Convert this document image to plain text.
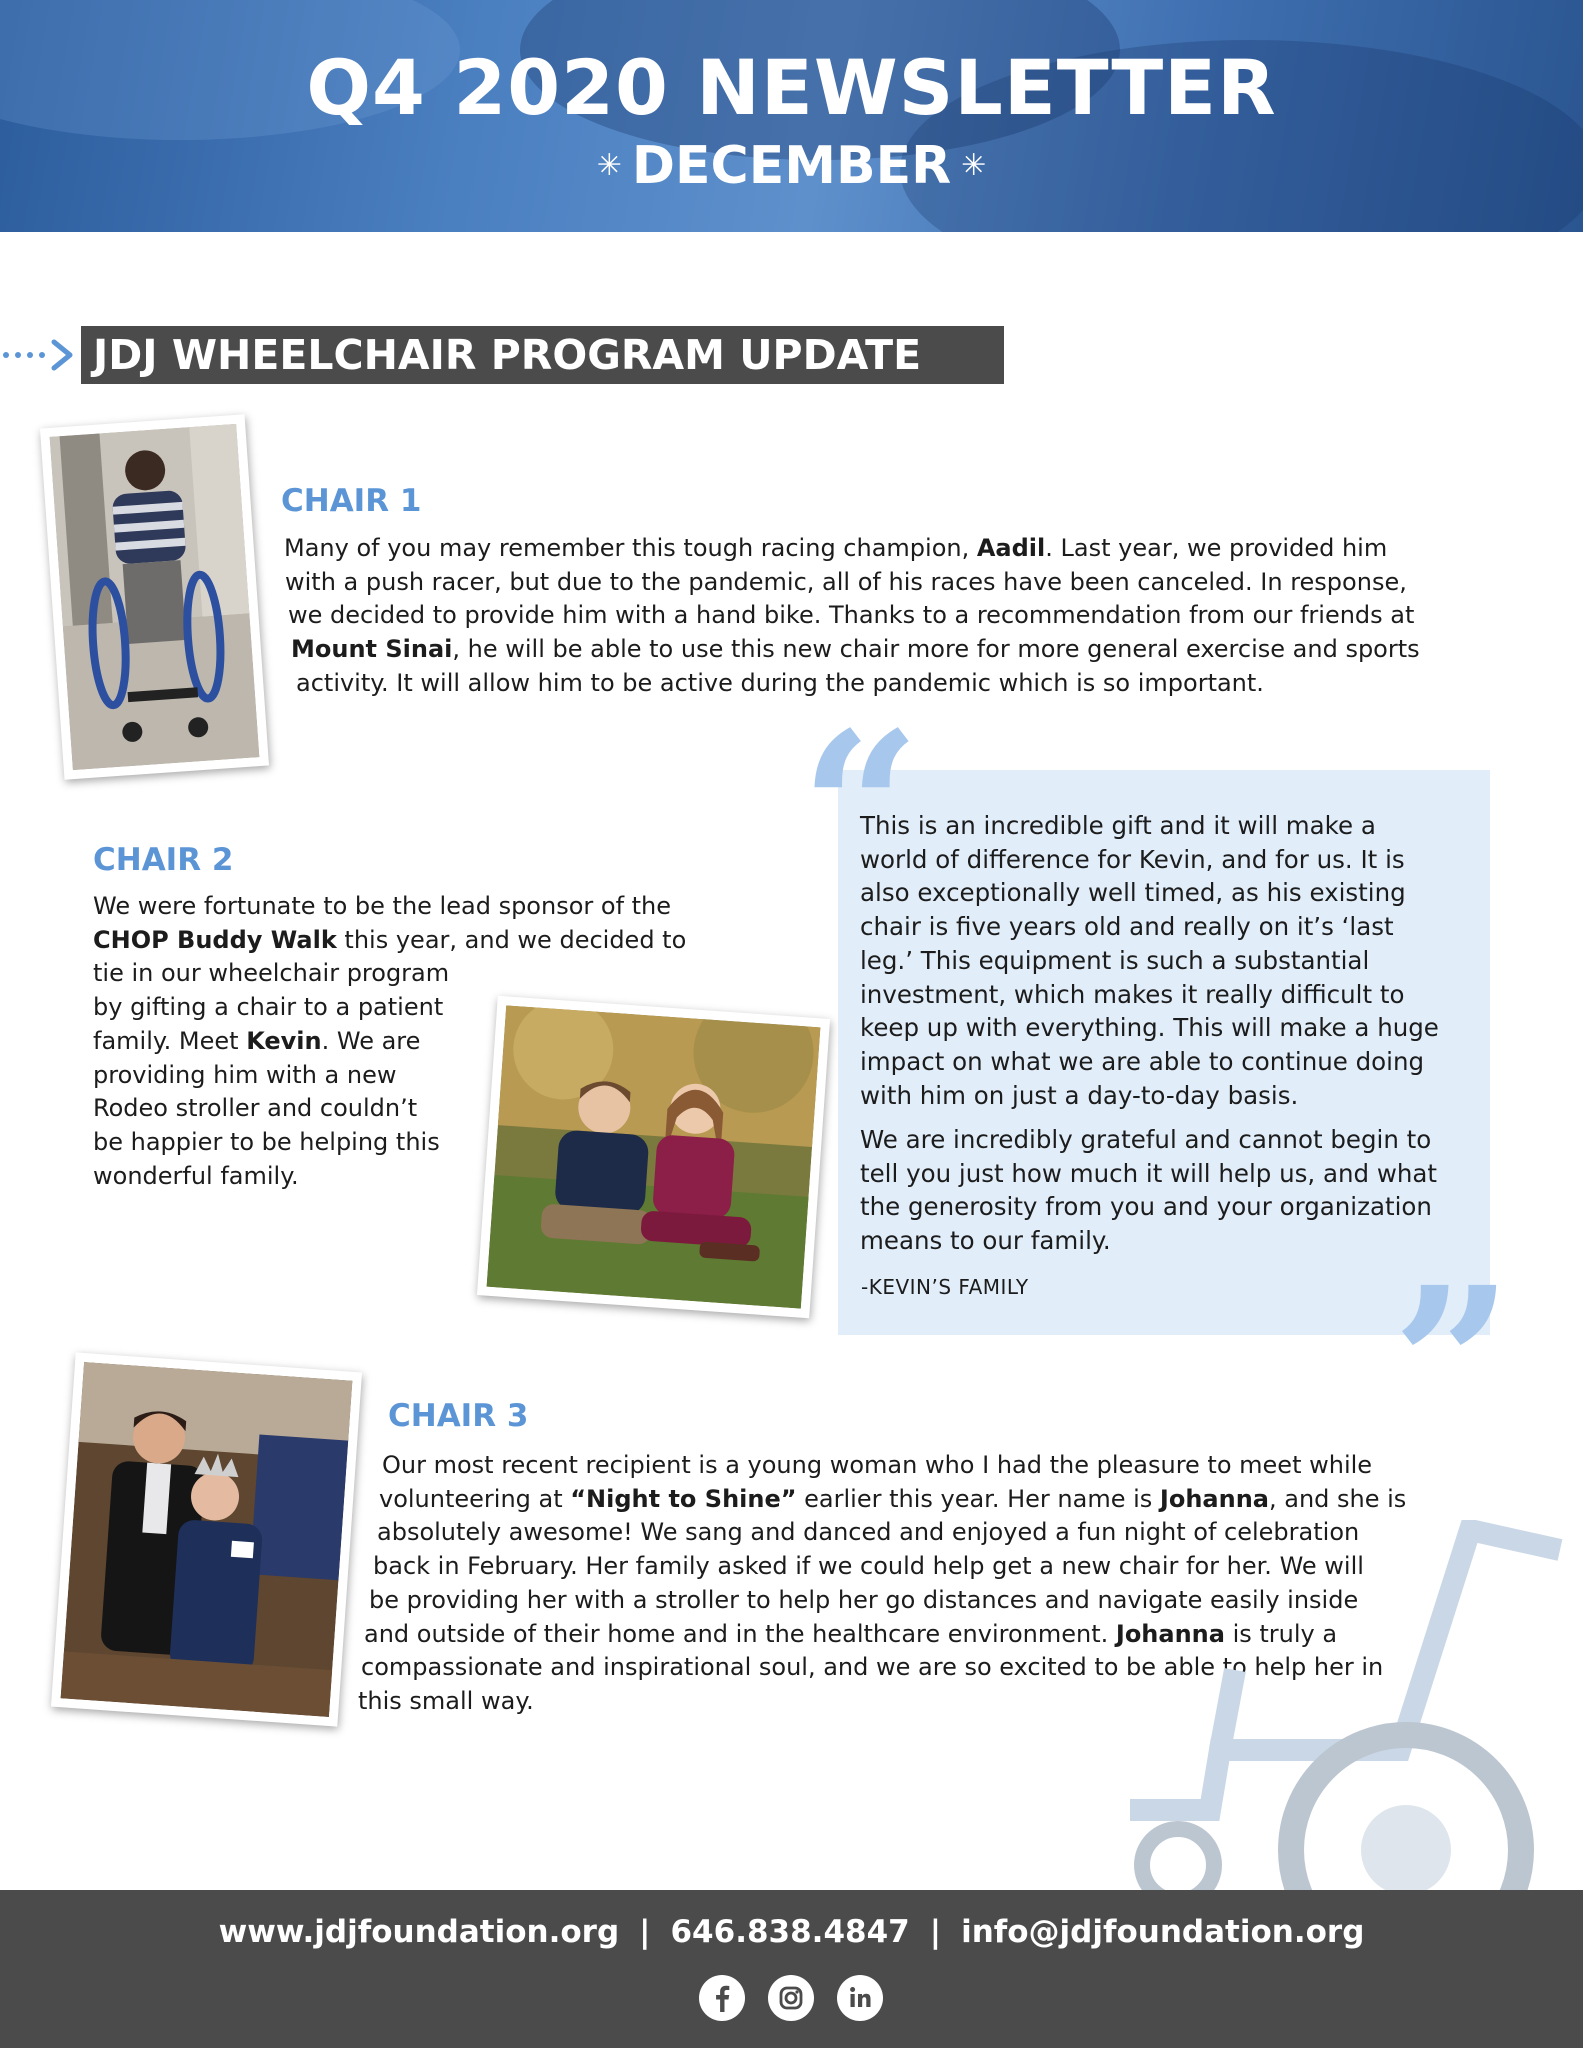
Q4 2020 NEWSLETTER
✳ DECEMBER ✳
JDJ WHEELCHAIR PROGRAM UPDATE
CHAIR 1
Many of you may remember this tough racing champion, Aadil. Last year, we provided him
with a push racer, but due to the pandemic, all of his races have been canceled. In response,
we decided to provide him with a hand bike. Thanks to a recommendation from our friends at
Mount Sinai, he will be able to use this new chair more for more general exercise and sports
activity. It will allow him to be active during the pandemic which is so important.
CHAIR 2
We were fortunate to be the lead sponsor of the
CHOP Buddy Walk this year, and we decided to
tie in our wheelchair program
by gifting a chair to a patient
family. Meet Kevin. We are
providing him with a new
Rodeo stroller and couldn’t
be happier to be helping this
wonderful family.
“
”
This is an incredible gift and it will make a
world of difference for Kevin, and for us. It is
also exceptionally well timed, as his existing
chair is five years old and really on it’s ‘last
leg.’ This equipment is such a substantial
investment, which makes it really difficult to
keep up with everything. This will make a huge
impact on what we are able to continue doing
with him on just a day-to-day basis.
We are incredibly grateful and cannot begin to
tell you just how much it will help us, and what
the generosity from you and your organization
means to our family.
-KEVIN’S FAMILY
CHAIR 3
Our most recent recipient is a young woman who I had the pleasure to meet while
volunteering at “Night to Shine” earlier this year. Her name is Johanna, and she is
absolutely awesome! We sang and danced and enjoyed a fun night of celebration
back in February. Her family asked if we could help get a new chair for her. We will
be providing her with a stroller to help her go distances and navigate easily inside
and outside of their home and in the healthcare environment. Johanna is truly a
compassionate and inspirational soul, and we are so excited to be able to help her in
this small way.
www.jdjfoundation.org | 646.838.4847 | info@jdjfoundation.org
